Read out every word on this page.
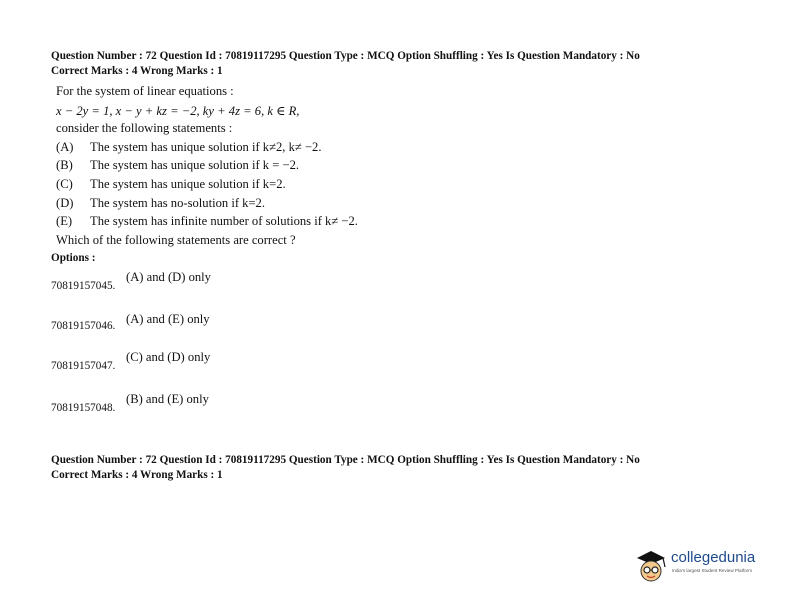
Question Number : 72 Question Id : 70819117295 Question Type : MCQ Option Shuffling : Yes Is Question Mandatory : No
Correct Marks : 4 Wrong Marks : 1
For the system of linear equations :
x − 2y = 1, x − y + kz = −2, ky + 4z = 6, k ∈ R,
consider the following statements :
(A) The system has unique solution if k≠2, k≠ −2.
(B) The system has unique solution if k = −2.
(C) The system has unique solution if k=2.
(D) The system has no-solution if k=2.
(E) The system has infinite number of solutions if k≠ −2.
Which of the following statements are correct ?
Options :
(A) and (D) only
70819157045.
(A) and (E) only
70819157046.
(C) and (D) only
70819157047.
(B) and (E) only
70819157048.
Question Number : 72 Question Id : 70819117295 Question Type : MCQ Option Shuffling : Yes Is Question Mandatory : No
Correct Marks : 4 Wrong Marks : 1
collegedunia
India's largest Student Review Platform
